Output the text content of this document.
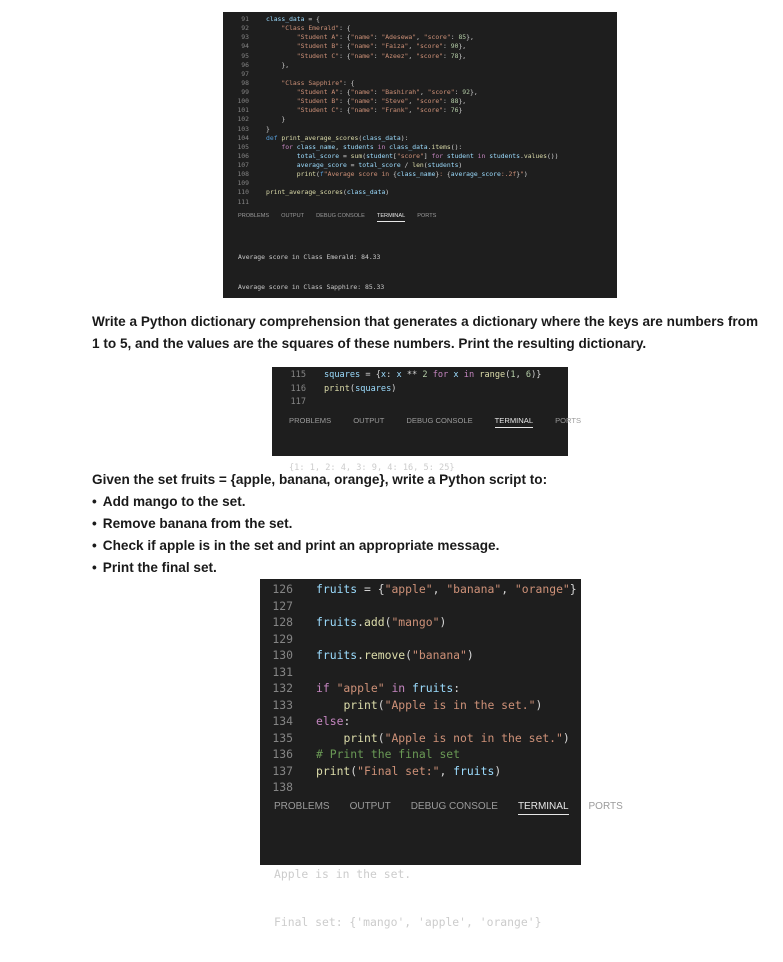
91	class_data = {
92	"Class Emerald": {
93	"Student A": {"name": "Adesewa", "score": 85},
94	"Student B": {"name": "Faiza", "score": 90},
95	"Student C": {"name": "Azeez", "score": 78},
96	},
97
98	"Class Sapphire": {
99	"Student A": {"name": "Bashirah", "score": 92},
100	"Student B": {"name": "Steve", "score": 88},
101	"Student C": {"name": "Frank", "score": 76}
102	}
103	}
104	def print_average_scores(class_data):
105	for class_name, students in class_data.items():
106	total_score = sum(student["score"] for student in students.values())
107	average_score = total_score / len(students)
108	print(f"Average score in {class_name}: {average_score:.2f}")
109
110	print_average_scores(class_data)
111
PROBLEMS OUTPUT DEBUG CONSOLE TERMINAL PORTS

Average score in Class Emerald: 84.33

Average score in Class Sapphire: 85.33

Write a Python dictionary comprehension that generates a dictionary where the keys are numbers from 1 to 5, and the values are the squares of these numbers. Print the resulting dictionary.

115 squares = {x: x ** 2 for x in range(1, 6)}
116 print(squares)
117
PROBLEMS	OUTPUT	DEBUG CONSOLE	TERMINAL	PORTS

{1: 1, 2: 4, 3: 9, 4: 16, 5: 25}

Given the set fruits = {apple, banana, orange}, write a Python script to:

• Add mango to the set.
• Remove banana from the set.
• Check if apple is in the set and print an appropriate message.
• Print the final set.
126 fruits = {"apple", "banana", "orange"}
127
128 fruits.add("mango")
129
130 fruits.remove("banana")
131
132 if "apple" in fruits:
133	print("Apple is in the set.")
134 else:
135	print("Apple is not in the set.")
136 # Print the final set
137 print("Final set:", fruits)
138
PROBLEMS OUTPUT DEBUG CONSOLE TERMINAL PORTS

Apple is in the set.

Final set: {'mango', 'apple', 'orange'}
